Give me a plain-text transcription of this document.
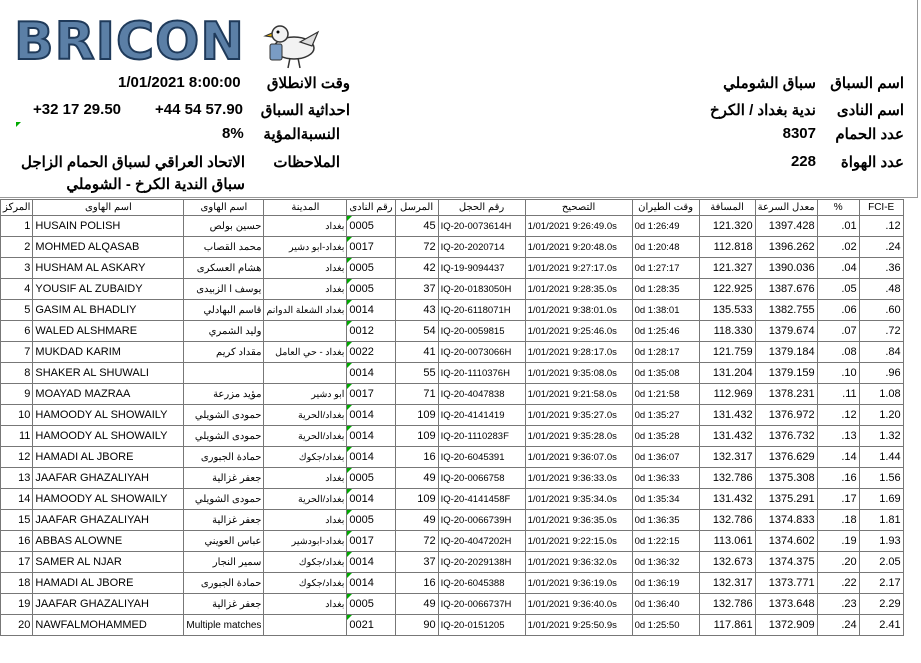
BRICON
1/01/2021 8:00:00 وقت الانطلاق
+32 17 29.50 +44 54 57.90 احداثية السباق
8% النسبةالمؤية
الاتحاد العراقي لسباق الحمام الزاجل الملاحظات
سباق الندية الكرخ - الشوملي
سباق الشوملي اسم السباق
ندية بغداد / الكرخ	اسم النادى
8307	عدد الحمام
228	عدد الهواة
المركز	اسم الهاوى	اسم الهاوى	المدينة	رقم النادى	المرسل	رقم الحجل	التصحيح	وقت الطيران	المسافة	معدل السرعة	%	FCI-E
1	HUSAIN POLISH	حسين بولص	بغداد	0005	45	IQ-20-0073614H	1/01/2021 9:26:49.0s	0d 1:26:49	121.320	1397.428	.01	.12
2	MOHMED ALQASAB	محمد القصاب	بغداد-ابو دشير	0017	72	IQ-20-2020714	1/01/2021 9:20:48.0s	0d 1:20:48	112.818	1396.262	.02	.24
3	HUSHAM AL ASKARY	هشام العسكرى	بغداد	0005	42	IQ-19-9094437	1/01/2021 9:27:17.0s	0d 1:27:17	121.327	1390.036	.04	.36
4	YOUSIF AL ZUBAIDY	يوسف ا الزبيدى	بغداد	0005	37	IQ-20-0183050H	1/01/2021 9:28:35.0s	0d 1:28:35	122.925	1387.676	.05	.48
5	GASIM AL BHADLIY	قاسم البهادلي	بغداد الشعلة الدوانم	0014	43	IQ-20-6118071H	1/01/2021 9:38:01.0s	0d 1:38:01	135.533	1382.755	.06	.60
6	WALED ALSHMARE	وليد الشمري		0012	54	IQ-20-0059815	1/01/2021 9:25:46.0s	0d 1:25:46	118.330	1379.674	.07	.72
7	MUKDAD KARIM	مقداد كريم	بغداد - حي العامل	0022	41	IQ-20-0073066H	1/01/2021 9:28:17.0s	0d 1:28:17	121.759	1379.184	.08	.84
8	SHAKER AL SHUWALI			0014	55	IQ-20-1110376H	1/01/2021 9:35:08.0s	0d 1:35:08	131.204	1379.159	.10	.96
9	MOAYAD MAZRAA	مؤيد مزرعة	ابو دشير	0017	71	IQ-20-4047838	1/01/2021 9:21:58.0s	0d 1:21:58	112.969	1378.231	.11	1.08
10	HAMOODY AL SHOWAILY	حمودى الشويلي	بغداد/الحرية	0014	109	IQ-20-4141419	1/01/2021 9:35:27.0s	0d 1:35:27	131.432	1376.972	.12	1.20
11	HAMOODY AL SHOWAILY	حمودى الشويلي	بغداد/الحرية	0014	109	IQ-20-1110283F	1/01/2021 9:35:28.0s	0d 1:35:28	131.432	1376.732	.13	1.32
12	HAMADI AL JBORE	حمادة الجبورى	بغداد/جكوك	0014	16	IQ-20-6045391	1/01/2021 9:36:07.0s	0d 1:36:07	132.317	1376.629	.14	1.44
13	JAAFAR GHAZALIYAH	جعفر غزالية	بغداد	0005	49	IQ-20-0066758	1/01/2021 9:36:33.0s	0d 1:36:33	132.786	1375.308	.16	1.56
14	HAMOODY AL SHOWAILY	حمودى الشويلي	بغداد/الحرية	0014	109	IQ-20-4141458F	1/01/2021 9:35:34.0s	0d 1:35:34	131.432	1375.291	.17	1.69
15	JAAFAR GHAZALIYAH	جعفر غزالية	بغداد	0005	49	IQ-20-0066739H	1/01/2021 9:36:35.0s	0d 1:36:35	132.786	1374.833	.18	1.81
16	ABBAS ALOWNE	عباس العويني	بغداد-ابودشير	0017	72	IQ-20-4047202H	1/01/2021 9:22:15.0s	0d 1:22:15	113.061	1374.602	.19	1.93
17	SAMER AL NJAR	سمير النجار	بغداد/جكوك	0014	37	IQ-20-2029138H	1/01/2021 9:36:32.0s	0d 1:36:32	132.673	1374.375	.20	2.05
18	HAMADI AL JBORE	حمادة الجبورى	بغداد/جكوك	0014	16	IQ-20-6045388	1/01/2021 9:36:19.0s	0d 1:36:19	132.317	1373.771	.22	2.17
19	JAAFAR GHAZALIYAH	جعفر غزالية	بغداد	0005	49	IQ-20-0066737H	1/01/2021 9:36:40.0s	0d 1:36:40	132.786	1373.648	.23	2.29
20	NAWFALMOHAMMED	Multiple matches		0021	90	IQ-20-0151205	1/01/2021 9:25:50.9s	0d 1:25:50	117.861	1372.909	.24	2.41
